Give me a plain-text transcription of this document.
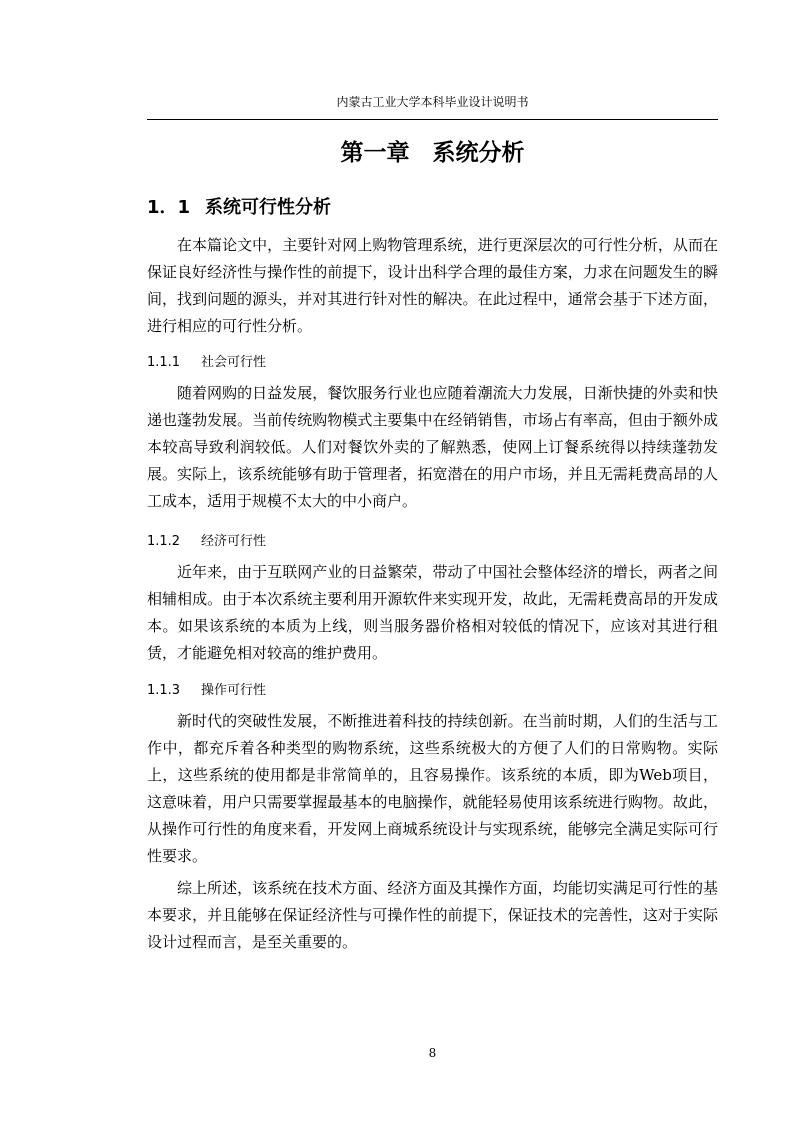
内蒙古工业大学本科毕业设计说明书
第一章　系统分析
1．1 系统可行性分析

在本篇论文中，主要针对网上购物管理系统，进行更深层次的可行性分析，从而在保证良好经济性与操作性的前提下，设计出科学合理的最佳方案，力求在问题发生的瞬间，找到问题的源头，并对其进行针对性的解决。在此过程中，通常会基于下述方面，进行相应的可行性分析。

1.1.1 社会可行性

随着网购的日益发展，餐饮服务行业也应随着潮流大力发展，日渐快捷的外卖和快递也蓬勃发展。当前传统购物模式主要集中在经销销售，市场占有率高，但由于额外成本较高导致利润较低。人们对餐饮外卖的了解熟悉，使网上订餐系统得以持续蓬勃发展。实际上，该系统能够有助于管理者，拓宽潜在的用户市场，并且无需耗费高昂的人工成本，适用于规模不太大的中小商户。

1.1.2 经济可行性

近年来，由于互联网产业的日益繁荣，带动了中国社会整体经济的增长，两者之间相辅相成。由于本次系统主要利用开源软件来实现开发，故此，无需耗费高昂的开发成本。如果该系统的本质为上线，则当服务器价格相对较低的情况下，应该对其进行租赁，才能避免相对较高的维护费用。

1.1.3 操作可行性

新时代的突破性发展，不断推进着科技的持续创新。在当前时期，人们的生活与工作中，都充斥着各种类型的购物系统，这些系统极大的方便了人们的日常购物。实际上，这些系统的使用都是非常简单的，且容易操作。该系统的本质，即为Web项目，这意味着，用户只需要掌握最基本的电脑操作，就能轻易使用该系统进行购物。故此，从操作可行性的角度来看，开发网上商城系统设计与实现系统，能够完全满足实际可行性要求。

综上所述，该系统在技术方面、经济方面及其操作方面，均能切实满足可行性的基本要求，并且能够在保证经济性与可操作性的前提下，保证技术的完善性，这对于实际设计过程而言，是至关重要的。

8
